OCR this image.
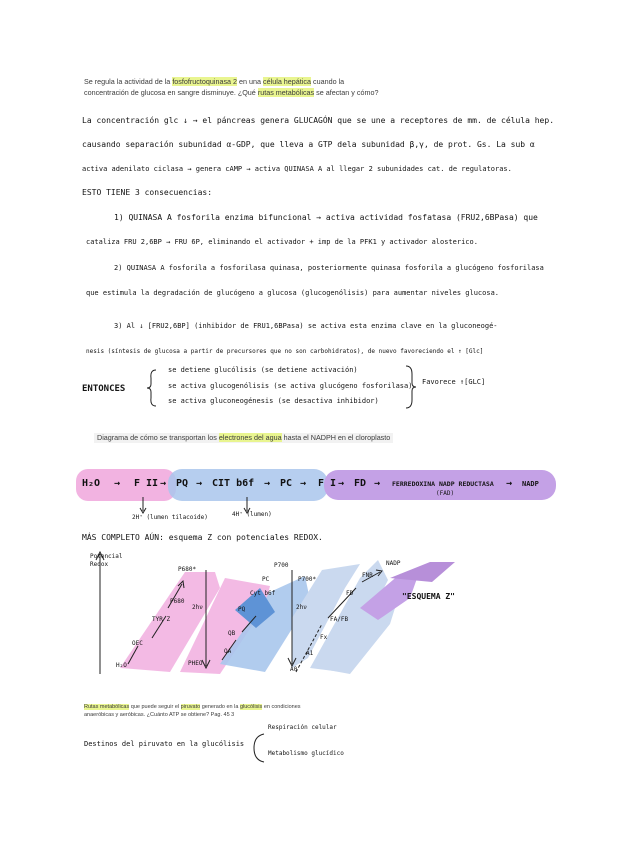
Se regula la actividad de la fosfofructoquinasa 2 en una célula hepática cuando la
concentración de glucosa en sangre disminuye. ¿Qué rutas metabólicas se afectan y cómo?
La concentración glc ↓ → el páncreas genera GLUCAGÓN que se une a receptores de mm. de célula hep.
causando separación subunidad α-GDP, que lleva a GTP dela subunidad β,γ, de prot. Gs. La sub α
activa adenilato ciclasa → genera cAMP → activa QUINASA A al llegar 2 subunidades cat. de regulatoras.
ESTO TIENE 3 consecuencias:
1) QUINASA A fosforila enzima bifuncional → activa actividad fosfatasa (FRU2,6BPasa) que
cataliza FRU 2,6BP → FRU 6P, eliminando el activador + imp de la PFK1 y activador alosterico.
2) QUINASA A fosforila a fosforilasa quinasa, posteriormente quinasa fosforila a glucógeno fosforilasa
que estimula la degradación de glucógeno a glucosa (glucogenólisis) para aumentar niveles glucosa.
3) Al ↓ [FRU2,6BP] (inhibidor de FRU1,6BPasa) se activa esta enzima clave en la gluconeogé-
nesis (síntesis de glucosa a partir de precursores que no son carbohidratos), de nuevo favoreciendo el ↑ [Glc]
ENTONCES
se detiene glucólisis (se detiene activación)
se activa glucogenólisis (se activa glucógeno fosforilasa)
se activa gluconeogénesis (se desactiva inhibidor)
Favorece ↑[GLC]
Diagrama de cómo se transportan los electrones del agua hasta el NADPH en el cloroplasto
H₂O → F II → PQ → CIT b6f → PC → F I → FD → FERREDOXINA NADP REDUCTASA → NADP
(FAD)
2H⁺ (lumen tilacoide)	4H⁺ (lumen)
MÁS COMPLETO AÚN: esquema Z con potenciales REDOX.
Potencial
Redox
H₂O
OEC
TYR Z
P680
P680*
2hν
PHEO
QA
QB
PQ
Cyt b6f
PC
P700
P700*
2hν
A0
A1
Fx
FA/FB
FD
FNR
NADP
"ESQUEMA Z"
Rutas metabólicas que puede seguir el piruvato generado en la glucólisis en condiciones
anaeróbicas y aeróbicas. ¿Cuánto ATP se obtiene? Pag. 45 3
Destinos del piruvato en la glucólisis
Respiración celular
Metabolismo glucídico
